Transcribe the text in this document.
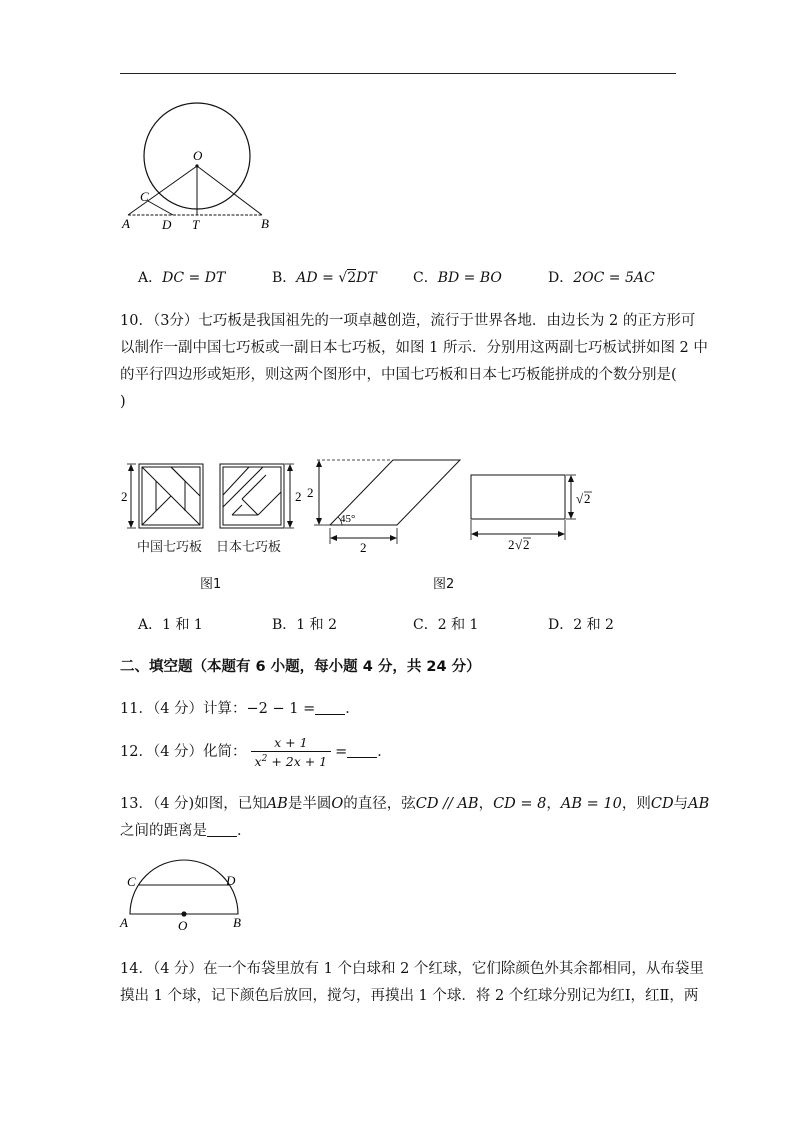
O
C
A D T	B
A．DC = DT	B．AD = √2DT	C．BD = BO	D．2OC = 5AC
10．（3分）七巧板是我国祖先的一项卓越创造，流行于世界各地．由边长为 2 的正方形可
以制作一副中国七巧板或一副日本七巧板，如图 1 所示．分别用这两副七巧板试拼如图 2 中
的平行四边形或矩形，则这两个图形中，中国七巧板和日本七巧板能拼成的个数分别是(
)
2	2
中国七巧板 日本七巧板
图1
2
45°
2
√ 2
2 √ 2
图2
A．1 和 1	B．1 和 2	C．2 和 1	D．2 和 2
二、填空题（本题有 6 小题，每小题 4 分，共 24 分）
11．（4 分）计算：−2 − 1 = ．
12．（4 分）化简： $\frac{x + 1}{x^2 + 2x + 1}$ = ．
13．（4 分)如图，已知AB是半圆O的直径，弦CD // AB，CD = 8，AB = 10，则CD与AB
之间的距离是 ．
C	D
A	O	B
14．（4 分）在一个布袋里放有 1 个白球和 2 个红球，它们除颜色外其余都相同，从布袋里
摸出 1 个球，记下颜色后放回，搅匀，再摸出 1 个球．将 2 个红球分别记为红Ⅰ，红Ⅱ，两
